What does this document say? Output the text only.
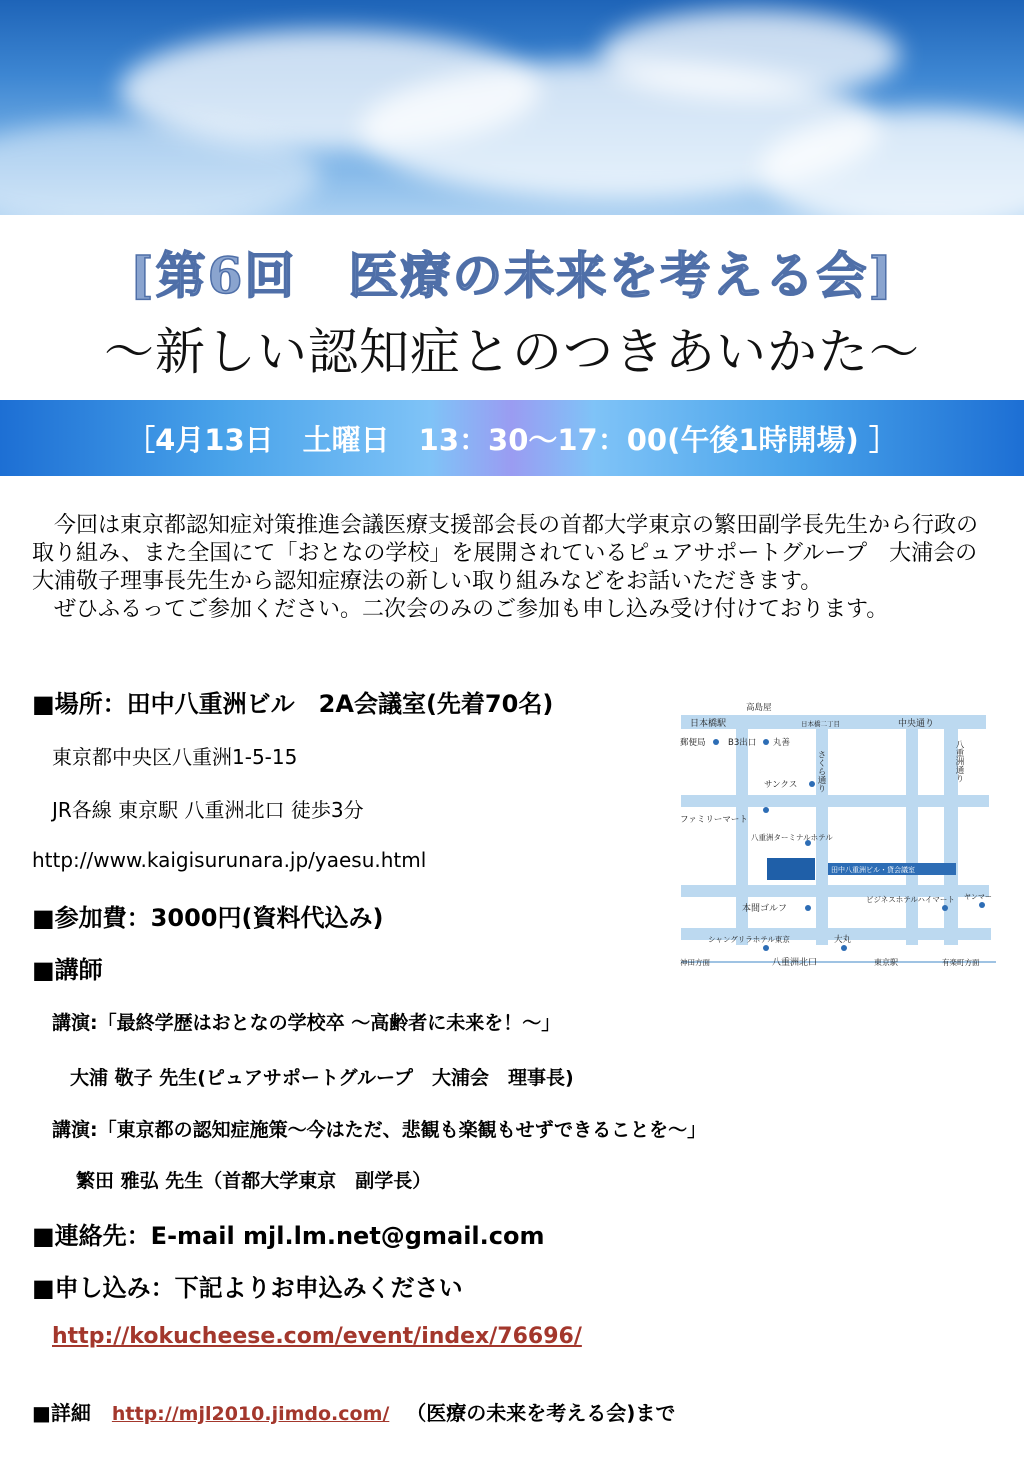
[第6回　医療の未来を考える会]
～新しい認知症とのつきあいかた～
［4月13日　土曜日　13：30～17：00(午後1時開場) ］

　今回は東京都認知症対策推進会議医療支援部会長の首都大学東京の繁田副学長先生から行政の取り組み、また全国にて「おとなの学校」を展開されているピュアサポートグループ　大浦会の大浦敬子理事長先生から認知症療法の新しい取り組みなどをお話いただきます。

　ぜひふるってご参加ください。二次会のみのご参加も申し込み受け付けております。

■場所：田中八重洲ビル　2A会議室(先着70名)
東京都中央区八重洲1-5-15
JR各線 東京駅 八重洲北口 徒歩3分
http://www.kaigisurunara.jp/yaesu.html
■参加費：3000円(資料代込み)
■講師
講演:「最終学歴はおとなの学校卒 ～高齢者に未来を！～」
大浦 敬子 先生(ピュアサポートグループ　大浦会　理事長)
講演:「東京都の認知症施策～今はただ、悲観も楽観もせずできることを～」
繁田 雅弘 先生（首都大学東京　副学長）
■連絡先：E-mail mjl.lm.net@gmail.com
■申し込み：下記よりお申込みください
http://kokucheese.com/event/index/76696/
■詳細 http://mjl2010.jimdo.com/ （医療の未来を考える会)まで
高島屋
日本橋駅	日本橋二丁目	中央通り
郵便局	B3出口 丸善
さくら通り	八重洲通り
サンクス
ファミリーマート
八重洲ターミナルホテル
田中八重洲ビル・貸会議室
ビジネスホテルハイマート ヤンマー
本間ゴルフ
シャングリラホテル東京	大丸
神田方面	八重洲北口	東京駅	有楽町方面
